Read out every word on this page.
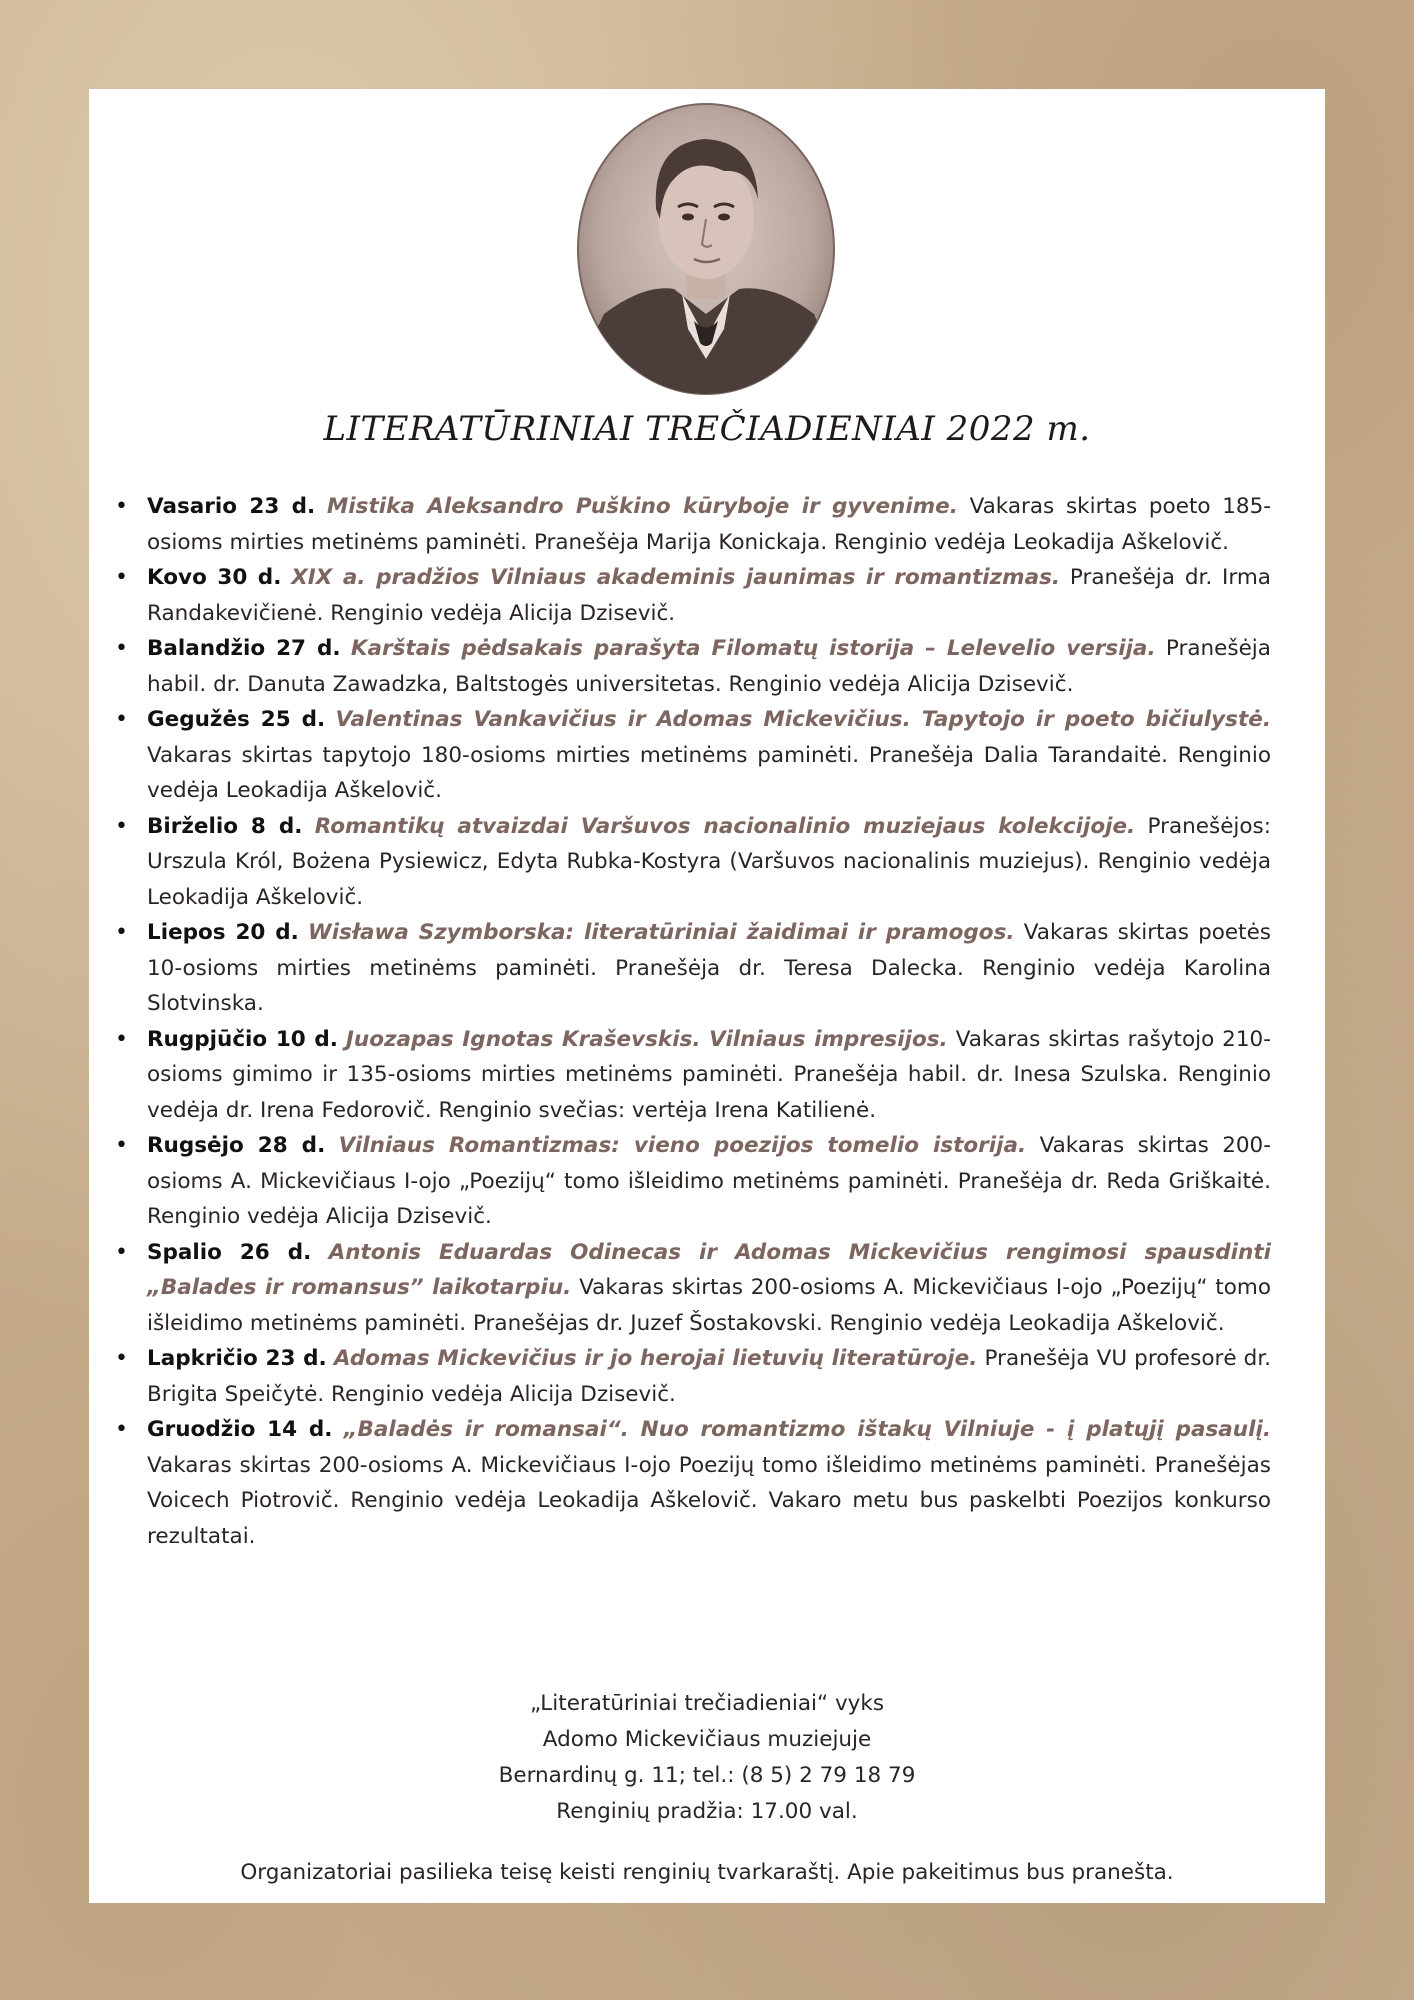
LITERATŪRINIAI TREČIADIENIAI 2022 m.
• Vasario 23 d. Mistika Aleksandro Puškino kūryboje ir gyvenime. Vakaras skirtas poeto 185-osioms mirties metinėms paminėti. Pranešėja Marija Konickaja. Renginio vedėja Leokadija Aškelovič.
• Kovo 30 d. XIX a. pradžios Vilniaus akademinis jaunimas ir romantizmas. Pranešėja dr. Irma Randakevičienė. Renginio vedėja Alicija Dzisevič.
• Balandžio 27 d. Karštais pėdsakais parašyta Filomatų istorija – Lelevelio versija. Pranešėja habil. dr. Danuta Zawadzka, Baltstogės universitetas. Renginio vedėja Alicija Dzisevič.
• Gegužės 25 d. Valentinas Vankavičius ir Adomas Mickevičius. Tapytojo ir poeto bičiulystė. Vakaras skirtas tapytojo 180-osioms mirties metinėms paminėti. Pranešėja Dalia Tarandaitė. Renginio vedėja Leokadija Aškelovič.
• Birželio 8 d. Romantikų atvaizdai Varšuvos nacionalinio muziejaus kolekcijoje. Pranešėjos: Urszula Król, Bożena Pysiewicz, Edyta Rubka-Kostyra (Varšuvos nacionalinis muziejus). Renginio vedėja Leokadija Aškelovič.
• Liepos 20 d. Wisława Szymborska: literatūriniai žaidimai ir pramogos. Vakaras skirtas poetės 10-osioms mirties metinėms paminėti. Pranešėja dr. Teresa Dalecka. Renginio vedėja Karolina Slotvinska.
• Rugpjūčio 10 d. Juozapas Ignotas Kraševskis. Vilniaus impresijos. Vakaras skirtas rašytojo 210-osioms gimimo ir 135-osioms mirties metinėms paminėti. Pranešėja habil. dr. Inesa Szulska. Renginio vedėja dr. Irena Fedorovič. Renginio svečias: vertėja Irena Katilienė.
• Rugsėjo 28 d. Vilniaus Romantizmas: vieno poezijos tomelio istorija. Vakaras skirtas 200-osioms A. Mickevičiaus I-ojo „Poezijų“ tomo išleidimo metinėms paminėti. Pranešėja dr. Reda Griškaitė. Renginio vedėja Alicija Dzisevič.
• Spalio 26 d. Antonis Eduardas Odinecas ir Adomas Mickevičius rengimosi spausdinti „Balades ir romansus” laikotarpiu. Vakaras skirtas 200-osioms A. Mickevičiaus I-ojo „Poezijų“ tomo išleidimo metinėms paminėti. Pranešėjas dr. Juzef Šostakovski. Renginio vedėja Leokadija Aškelovič.
• Lapkričio 23 d. Adomas Mickevičius ir jo herojai lietuvių literatūroje. Pranešėja VU profesorė dr. Brigita Speičytė. Renginio vedėja Alicija Dzisevič.
• Gruodžio 14 d. „Baladės ir romansai“. Nuo romantizmo ištakų Vilniuje - į platųjį pasaulį. Vakaras skirtas 200-osioms A. Mickevičiaus I-ojo Poezijų tomo išleidimo metinėms paminėti. Pranešėjas Voicech Piotrovič. Renginio vedėja Leokadija Aškelovič. Vakaro metu bus paskelbti Poezijos konkurso rezultatai.
„Literatūriniai trečiadieniai“ vyks
Adomo Mickevičiaus muziejuje
Bernardinų g. 11; tel.: (8 5) 2 79 18 79
Renginių pradžia: 17.00 val.
Organizatoriai pasilieka teisę keisti renginių tvarkaraštį. Apie pakeitimus bus pranešta.
